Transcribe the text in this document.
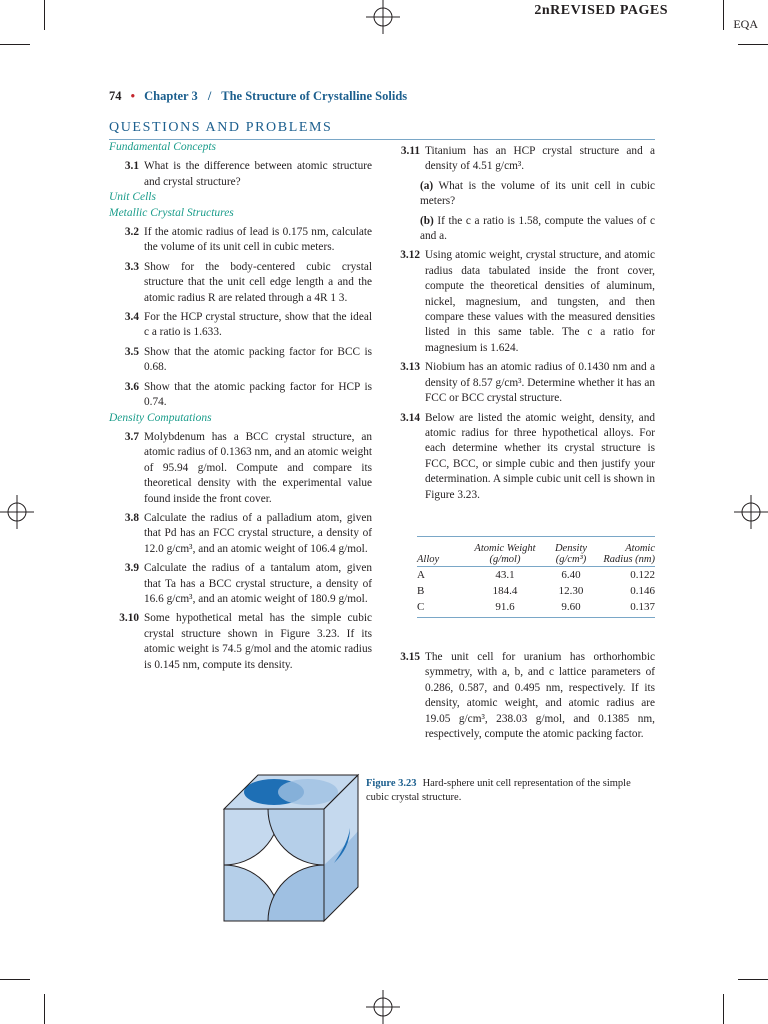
2nREVISED PAGES
EQA
74 • Chapter 3 / The Structure of Crystalline Solids
QUESTIONS AND PROBLEMS
Fundamental Concepts
3.1 What is the difference between atomic structure and crystal structure?
Unit Cells
Metallic Crystal Structures
3.2 If the atomic radius of lead is 0.175 nm, calculate the volume of its unit cell in cubic meters.
3.3 Show for the body-centered cubic crystal structure that the unit cell edge length a and the atomic radius R are related through a 4R 1 3.
3.4 For the HCP crystal structure, show that the ideal c a ratio is 1.633.
3.5 Show that the atomic packing factor for BCC is 0.68.
3.6 Show that the atomic packing factor for HCP is 0.74.
Density Computations
3.7 Molybdenum has a BCC crystal structure, an atomic radius of 0.1363 nm, and an atomic weight of 95.94 g/mol. Compute and compare its theoretical density with the experimental value found inside the front cover.
3.8 Calculate the radius of a palladium atom, given that Pd has an FCC crystal structure, a density of 12.0 g/cm³, and an atomic weight of 106.4 g/mol.
3.9 Calculate the radius of a tantalum atom, given that Ta has a BCC crystal structure, a density of 16.6 g/cm³, and an atomic weight of 180.9 g/mol.
3.10 Some hypothetical metal has the simple cubic crystal structure shown in Figure 3.23. If its atomic weight is 74.5 g/mol and the atomic radius is 0.145 nm, compute its density.
3.11 Titanium has an HCP crystal structure and a density of 4.51 g/cm³.
(a) What is the volume of its unit cell in cubic meters?
(b) If the c a ratio is 1.58, compute the values of c and a.
3.12 Using atomic weight, crystal structure, and atomic radius data tabulated inside the front cover, compute the theoretical densities of aluminum, nickel, magnesium, and tungsten, and then compare these values with the measured densities listed in this same table. The c a ratio for magnesium is 1.624.
3.13 Niobium has an atomic radius of 0.1430 nm and a density of 8.57 g/cm³. Determine whether it has an FCC or BCC crystal structure.
3.14 Below are listed the atomic weight, density, and atomic radius for three hypothetical alloys. For each determine whether its crystal structure is FCC, BCC, or simple cubic and then justify your determination. A simple cubic unit cell is shown in Figure 3.23.

Alloy	Atomic Weight (g/mol)	Density (g/cm³)	Atomic Radius (nm)
A	43.1	6.40	0.122
B	184.4	12.30	0.146
C	91.6	9.60	0.137
3.15 The unit cell for uranium has orthorhombic symmetry, with a, b, and c lattice parameters of 0.286, 0.587, and 0.495 nm, respectively. If its density, atomic weight, and atomic radius are 19.05 g/cm³, 238.03 g/mol, and 0.1385 nm, respectively, compute the atomic packing factor.
Figure 3.23 Hard-sphere unit cell representation of the simple cubic crystal structure.
